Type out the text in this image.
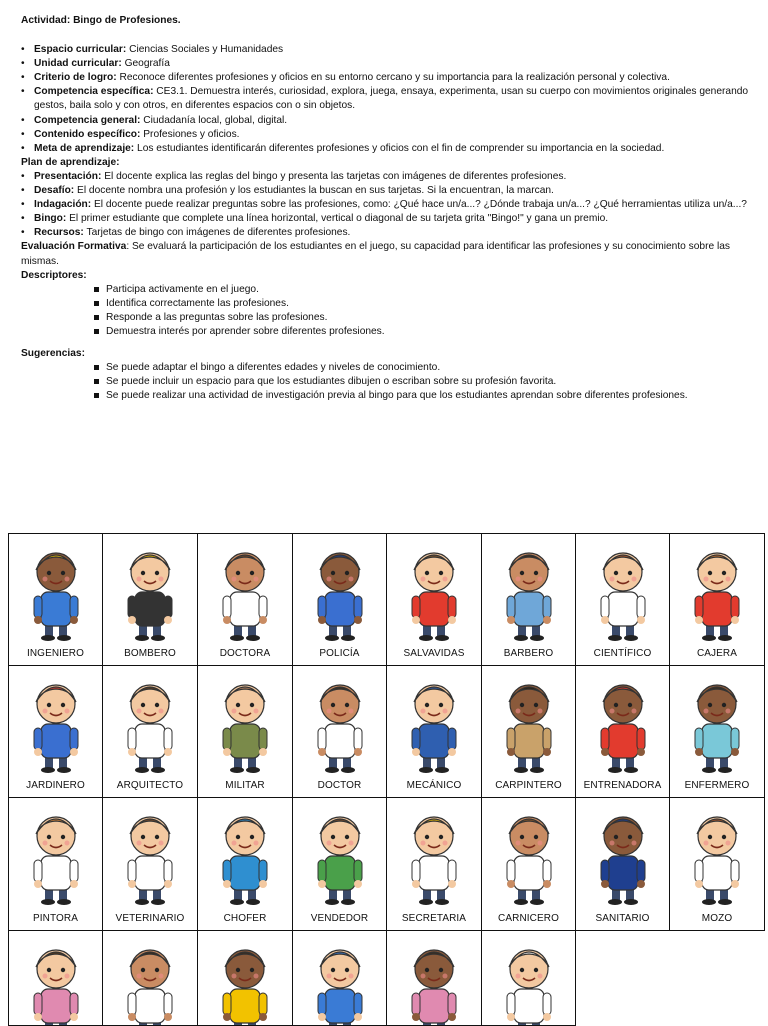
Actividad: Bingo de Profesiones.
• Espacio curricular: Ciencias Sociales y Humanidades
• Unidad curricular: Geografía
• Criterio de logro: Reconoce diferentes profesiones y oficios en su entorno cercano y su importancia para la realización personal y colectiva.
• Competencia específica: CE3.1. Demuestra interés, curiosidad, explora, juega, ensaya, experimenta, usan su cuerpo con movimientos originales generando gestos, baila solo y con otros, en diferentes espacios con o sin objetos.
• Competencia general: Ciudadanía local, global, digital.
• Contenido específico: Profesiones y oficios.
• Meta de aprendizaje: Los estudiantes identificarán diferentes profesiones y oficios con el fin de comprender su importancia en la sociedad.
Plan de aprendizaje:
• Presentación: El docente explica las reglas del bingo y presenta las tarjetas con imágenes de diferentes profesiones.
• Desafío: El docente nombra una profesión y los estudiantes la buscan en sus tarjetas. Si la encuentran, la marcan.
• Indagación: El docente puede realizar preguntas sobre las profesiones, como: ¿Qué hace un/a...? ¿Dónde trabaja un/a...? ¿Qué herramientas utiliza un/a...?
• Bingo: El primer estudiante que complete una línea horizontal, vertical o diagonal de su tarjeta grita "Bingo!" y gana un premio.
• Recursos: Tarjetas de bingo con imágenes de diferentes profesiones.
Evaluación Formativa: Se evaluará la participación de los estudiantes en el juego, su capacidad para identificar las profesiones y su conocimiento sobre las mismas.
Descriptores:
Participa activamente en el juego.
Identifica correctamente las profesiones.
Responde a las preguntas sobre las profesiones.
Demuestra interés por aprender sobre diferentes profesiones.
Sugerencias:
Se puede adaptar el bingo a diferentes edades y niveles de conocimiento.
Se puede incluir un espacio para que los estudiantes dibujen o escriban sobre su profesión favorita.
Se puede realizar una actividad de investigación previa al bingo para que los estudiantes aprendan sobre diferentes profesiones.
INGENIERO	BOMBERO	DOCTORA	POLICÍA	SALVAVIDAS	BARBERO	CIENTÍFICO	CAJERA
JARDINERO	ARQUITECTO	MILITAR	DOCTOR	MECÁNICO	CARPINTERO	ENTRENADORA	ENFERMERO
PINTORA	VETERINARIO	CHOFER	VENDEDOR	SECRETARIA	CARNICERO	SANITARIO	MOZO
